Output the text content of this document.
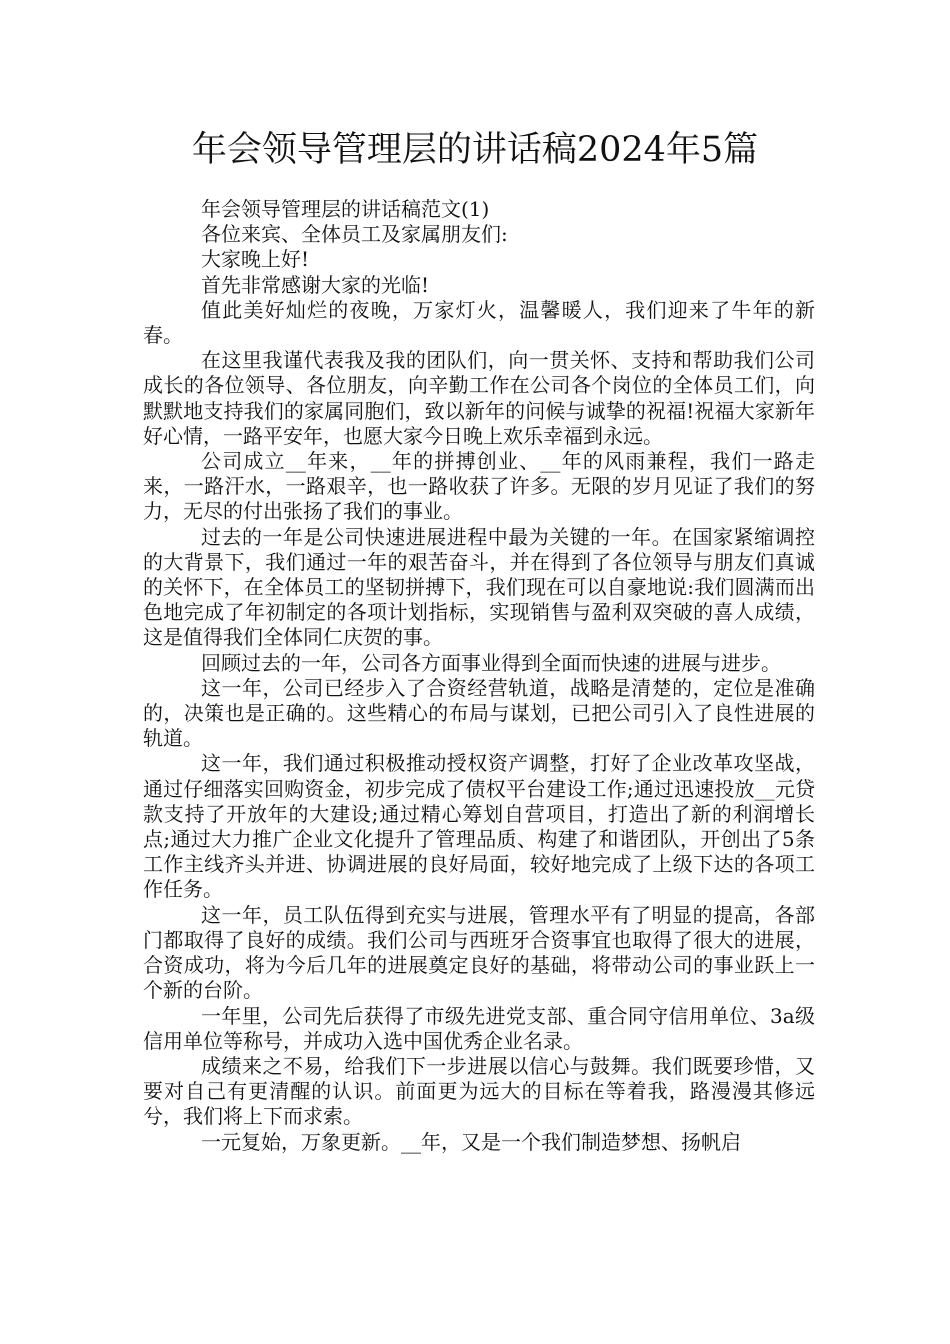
年会领导管理层的讲话稿2024年5篇

年会领导管理层的讲话稿范文(1)

各位来宾、全体员工及家属朋友们:

大家晚上好!

首先非常感谢大家的光临!

值此美好灿烂的夜晚，万家灯火，温馨暖人，我们迎来了牛年的新春。

在这里我谨代表我及我的团队们，向一贯关怀、支持和帮助我们公司成长的各位领导、各位朋友，向辛勤工作在公司各个岗位的全体员工们，向默默地支持我们的家属同胞们，致以新年的问候与诚挚的祝福!祝福大家新年好心情，一路平安年，也愿大家今日晚上欢乐幸福到永远。

公司成立__年来，__年的拼搏创业、__年的风雨兼程，我们一路走来，一路汗水，一路艰辛，也一路收获了许多。无限的岁月见证了我们的努力，无尽的付出张扬了我们的事业。

过去的一年是公司快速进展进程中最为关键的一年。在国家紧缩调控的大背景下，我们通过一年的艰苦奋斗，并在得到了各位领导与朋友们真诚的关怀下，在全体员工的坚韧拼搏下，我们现在可以自豪地说:我们圆满而出色地完成了年初制定的各项计划指标，实现销售与盈利双突破的喜人成绩，这是值得我们全体同仁庆贺的事。

回顾过去的一年，公司各方面事业得到全面而快速的进展与进步。

这一年，公司已经步入了合资经营轨道，战略是清楚的，定位是准确的，决策也是正确的。这些精心的布局与谋划，已把公司引入了良性进展的轨道。

这一年，我们通过积极推动授权资产调整，打好了企业改革攻坚战，通过仔细落实回购资金，初步完成了债权平台建设工作;通过迅速投放__元贷款支持了开放年的大建设;通过精心筹划自营项目，打造出了新的利润增长点;通过大力推广企业文化提升了管理品质、构建了和谐团队，开创出了5条工作主线齐头并进、协调进展的良好局面，较好地完成了上级下达的各项工作任务。

这一年，员工队伍得到充实与进展，管理水平有了明显的提高，各部门都取得了良好的成绩。我们公司与西班牙合资事宜也取得了很大的进展，合资成功，将为今后几年的进展奠定良好的基础，将带动公司的事业跃上一个新的台阶。

一年里，公司先后获得了市级先进党支部、重合同守信用单位、3a级信用单位等称号，并成功入选中国优秀企业名录。

成绩来之不易，给我们下一步进展以信心与鼓舞。我们既要珍惜，又要对自己有更清醒的认识。前面更为远大的目标在等着我，路漫漫其修远兮，我们将上下而求索。

一元复始，万象更新。__年，又是一个我们制造梦想、扬帆启
